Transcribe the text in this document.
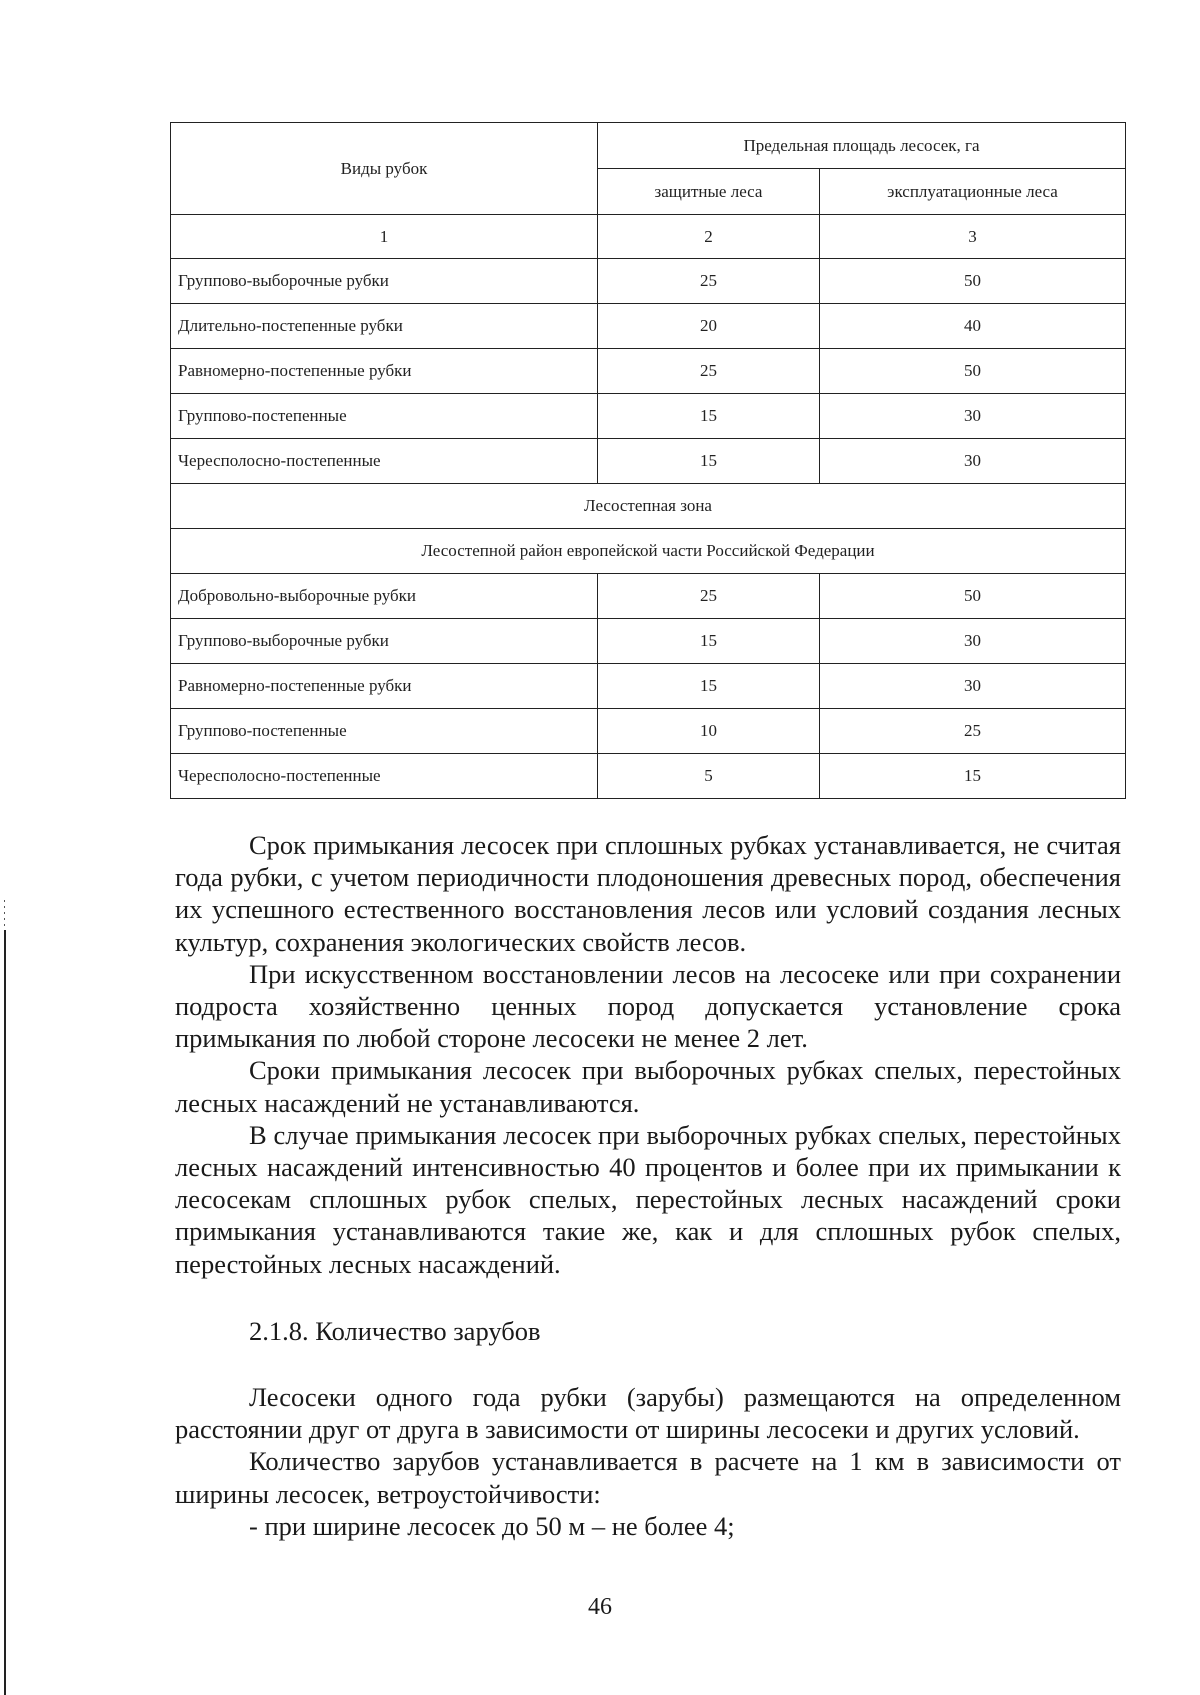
Виды рубок	Предельная площадь лесосек, га	
	защитные леса	эксплуатационные леса
1	2	3
Группово-выборочные рубки	25	50
Длительно-постепенные рубки	20	40
Равномерно-постепенные рубки	25	50
Группово-постепенные	15	30
Чересполосно-постепенные	15	30
Лесостепная зона		
Лесостепной район европейской части Российской Федерации		
Добровольно-выборочные рубки	25	50
Группово-выборочные рубки	15	30
Равномерно-постепенные рубки	15	30
Группово-постепенные	10	25
Чересполосно-постепенные	5	15

Срок примыкания лесосек при сплошных рубках устанавливается, не считая года рубки, с учетом периодичности плодоношения древесных пород, обеспечения их успешного естественного восстановления лесов или условий создания лесных культур, сохранения экологических свойств лесов.

При искусственном восстановлении лесов на лесосеке или при сохранении подроста хозяйственно ценных пород допускается установление срока примыкания по любой стороне лесосеки не менее 2 лет.

Сроки примыкания лесосек при выборочных рубках спелых, перестойных лесных насаждений не устанавливаются.

В случае примыкания лесосек при выборочных рубках спелых, перестойных лесных насаждений интенсивностью 40 процентов и более при их примыкании к лесосекам сплошных рубок спелых, перестойных лесных насаждений сроки примыкания устанавливаются такие же, как и для сплошных рубок спелых, перестойных лесных насаждений.

2.1.8. Количество зарубов

Лесосеки одного года рубки (зарубы) размещаются на определенном расстоянии друг от друга в зависимости от ширины лесосеки и других условий.

Количество зарубов устанавливается в расчете на 1 км в зависимости от ширины лесосек, ветроустойчивости:

- при ширине лесосек до 50 м – не более 4;
46
